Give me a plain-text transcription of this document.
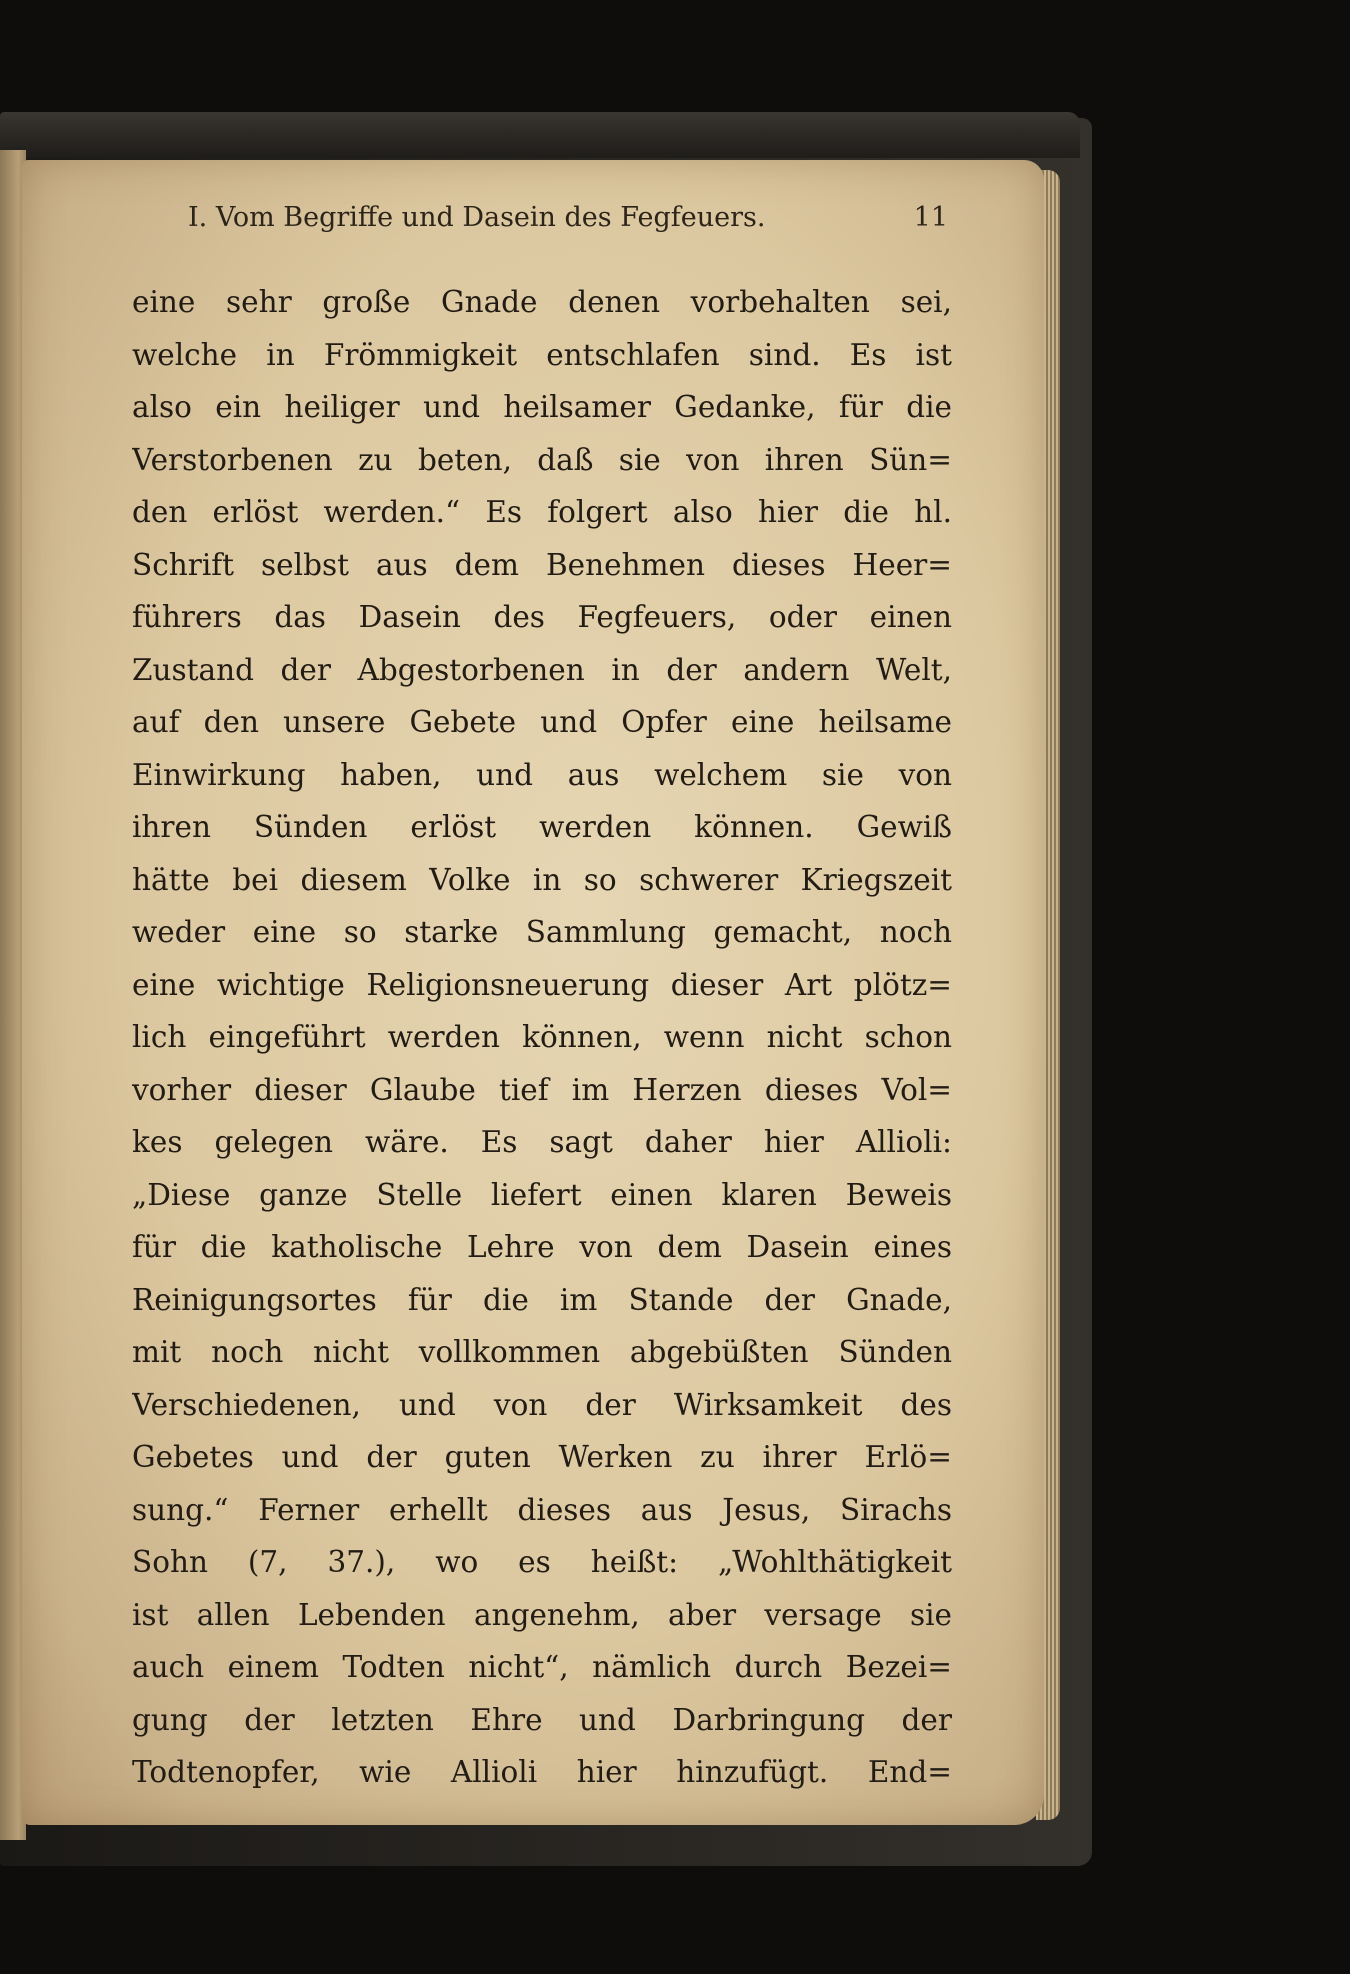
I. Vom Begriffe und Dasein des Fegfeuers.	11
eine sehr große Gnade denen vorbehalten sei,
welche in Frömmigkeit entschlafen sind. Es ist
also ein heiliger und heilsamer Gedanke, für die
Verstorbenen zu beten, daß sie von ihren Sün=
den erlöst werden.“ Es folgert also hier die hl.
Schrift selbst aus dem Benehmen dieses Heer=
führers das Dasein des Fegfeuers, oder einen
Zustand der Abgestorbenen in der andern Welt,
auf den unsere Gebete und Opfer eine heilsame
Einwirkung haben, und aus welchem sie von
ihren Sünden erlöst werden können. Gewiß
hätte bei diesem Volke in so schwerer Kriegszeit
weder eine so starke Sammlung gemacht, noch
eine wichtige Religionsneuerung dieser Art plötz=
lich eingeführt werden können, wenn nicht schon
vorher dieser Glaube tief im Herzen dieses Vol=
kes gelegen wäre. Es sagt daher hier Allioli:
„Diese ganze Stelle liefert einen klaren Beweis
für die katholische Lehre von dem Dasein eines
Reinigungsortes für die im Stande der Gnade,
mit noch nicht vollkommen abgebüßten Sünden
Verschiedenen, und von der Wirksamkeit des
Gebetes und der guten Werken zu ihrer Erlö=
sung.“ Ferner erhellt dieses aus Jesus, Sirachs
Sohn (7, 37.), wo es heißt: „Wohlthätigkeit
ist allen Lebenden angenehm, aber versage sie
auch einem Todten nicht“, nämlich durch Bezei=
gung der letzten Ehre und Darbringung der
Todtenopfer, wie Allioli hier hinzufügt. End=
